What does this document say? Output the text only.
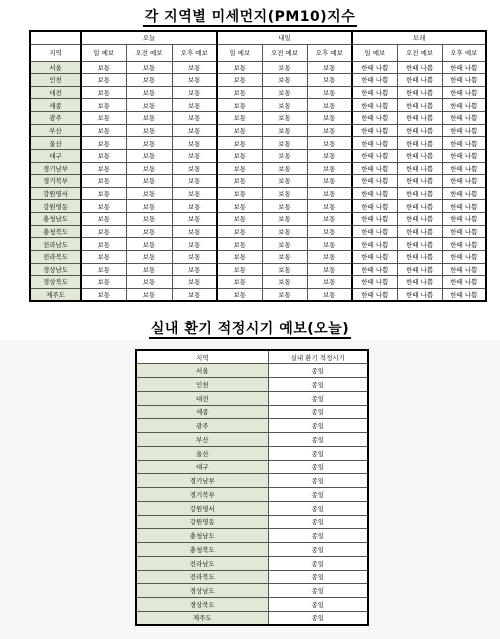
각 지역별 미세먼지(PM10)지수
	오늘			내일			모레		
지역	일 예보	오전 예보	오후 예보	일 예보	오전 예보	오후 예보	일 예보	오전 예보	오후 예보
서울	보통	보통	보통	보통	보통	보통	한때 나쁨	한때 나쁨	한때 나쁨
인천	보통	보통	보통	보통	보통	보통	한때 나쁨	한때 나쁨	한때 나쁨
대전	보통	보통	보통	보통	보통	보통	한때 나쁨	한때 나쁨	한때 나쁨
세종	보통	보통	보통	보통	보통	보통	한때 나쁨	한때 나쁨	한때 나쁨
광주	보통	보통	보통	보통	보통	보통	한때 나쁨	한때 나쁨	한때 나쁨
부산	보통	보통	보통	보통	보통	보통	한때 나쁨	한때 나쁨	한때 나쁨
울산	보통	보통	보통	보통	보통	보통	한때 나쁨	한때 나쁨	한때 나쁨
대구	보통	보통	보통	보통	보통	보통	한때 나쁨	한때 나쁨	한때 나쁨
경기남부	보통	보통	보통	보통	보통	보통	한때 나쁨	한때 나쁨	한때 나쁨
경기북부	보통	보통	보통	보통	보통	보통	한때 나쁨	한때 나쁨	한때 나쁨
강원영서	보통	보통	보통	보통	보통	보통	한때 나쁨	한때 나쁨	한때 나쁨
강원영동	보통	보통	보통	보통	보통	보통	한때 나쁨	한때 나쁨	한때 나쁨
충청남도	보통	보통	보통	보통	보통	보통	한때 나쁨	한때 나쁨	한때 나쁨
충청북도	보통	보통	보통	보통	보통	보통	한때 나쁨	한때 나쁨	한때 나쁨
전라남도	보통	보통	보통	보통	보통	보통	한때 나쁨	한때 나쁨	한때 나쁨
전라북도	보통	보통	보통	보통	보통	보통	한때 나쁨	한때 나쁨	한때 나쁨
경상남도	보통	보통	보통	보통	보통	보통	한때 나쁨	한때 나쁨	한때 나쁨
경상북도	보통	보통	보통	보통	보통	보통	한때 나쁨	한때 나쁨	한때 나쁨
제주도	보통	보통	보통	보통	보통	보통	한때 나쁨	한때 나쁨	한때 나쁨
실내 환기 적정시기 예보(오늘)
지역	실내 환기 적정시기
서울	종일
인천	종일
대전	종일
세종	종일
광주	종일
부산	종일
울산	종일
대구	종일
경기남부	종일
경기북부	종일
강원영서	종일
강원영동	종일
충청남도	종일
충청북도	종일
전라남도	종일
전라북도	종일
경상남도	종일
경상북도	종일
제주도	종일
